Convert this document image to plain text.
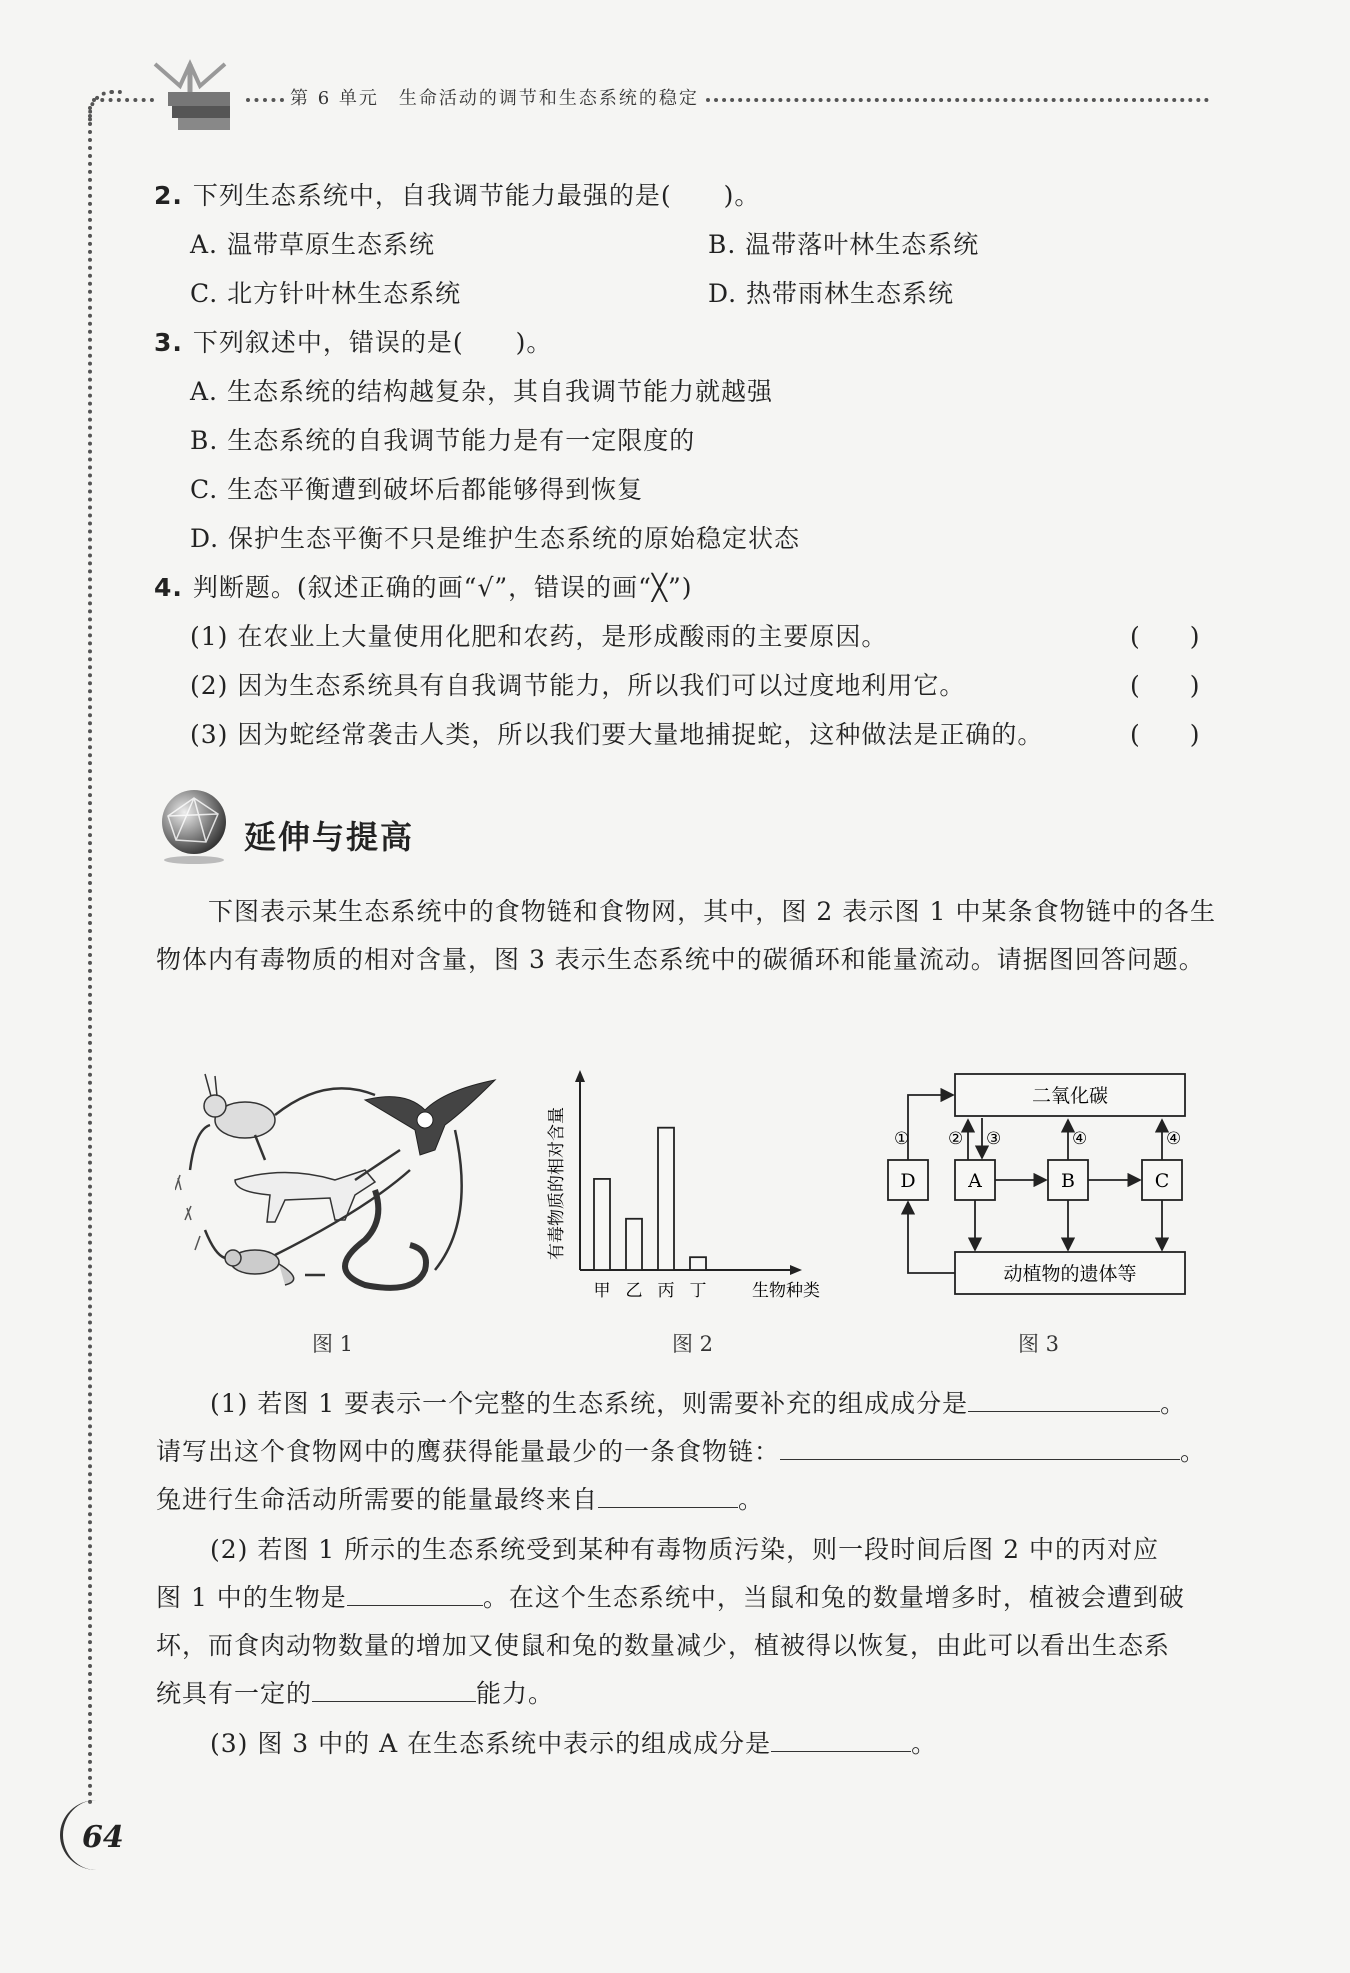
第 6 单元　生命活动的调节和生态系统的稳定
2. 下列生态系统中，自我调节能力最强的是(　　)。
A. 温带草原生态系统	B. 温带落叶林生态系统
C. 北方针叶林生态系统	D. 热带雨林生态系统
3. 下列叙述中，错误的是(　　)。
A. 生态系统的结构越复杂，其自我调节能力就越强
B. 生态系统的自我调节能力是有一定限度的
C. 生态平衡遭到破坏后都能够得到恢复
D. 保护生态平衡不只是维护生态系统的原始稳定状态
4. 判断题。(叙述正确的画“√”，错误的画“╳”)
(1) 在农业上大量使用化肥和农药，是形成酸雨的主要原因。	(　　)
(2) 因为生态系统具有自我调节能力，所以我们可以过度地利用它。	(　　)
(3) 因为蛇经常袭击人类，所以我们要大量地捕捉蛇，这种做法是正确的。	(　　)
延伸与提高
下图表示某生态系统中的食物链和食物网，其中，图 2 表示图 1 中某条食物链中的各生物体内有毒物质的相对含量，图 3 表示生态系统中的碳循环和能量流动。请据图回答问题。
图 1
甲 乙 丙 丁	生物种类
有毒物质的相对含量
图 2
二氧化碳
动植物的遗体等
D	A	B	C
① ② ③	④	④
图 3
(1) 若图 1 要表示一个完整的生态系统，则需要补充的组成成分是	。
请写出这个食物网中的鹰获得能量最少的一条食物链：	。
兔进行生命活动所需要的能量最终来自	。
(2) 若图 1 所示的生态系统受到某种有毒物质污染，则一段时间后图 2 中的丙对应
图 1 中的生物是	。在这个生态系统中，当鼠和兔的数量增多时，植被会遭到破
坏，而食肉动物数量的增加又使鼠和兔的数量减少，植被得以恢复，由此可以看出生态系
统具有一定的	能力。
(3) 图 3 中的 A 在生态系统中表示的组成成分是	。
64
